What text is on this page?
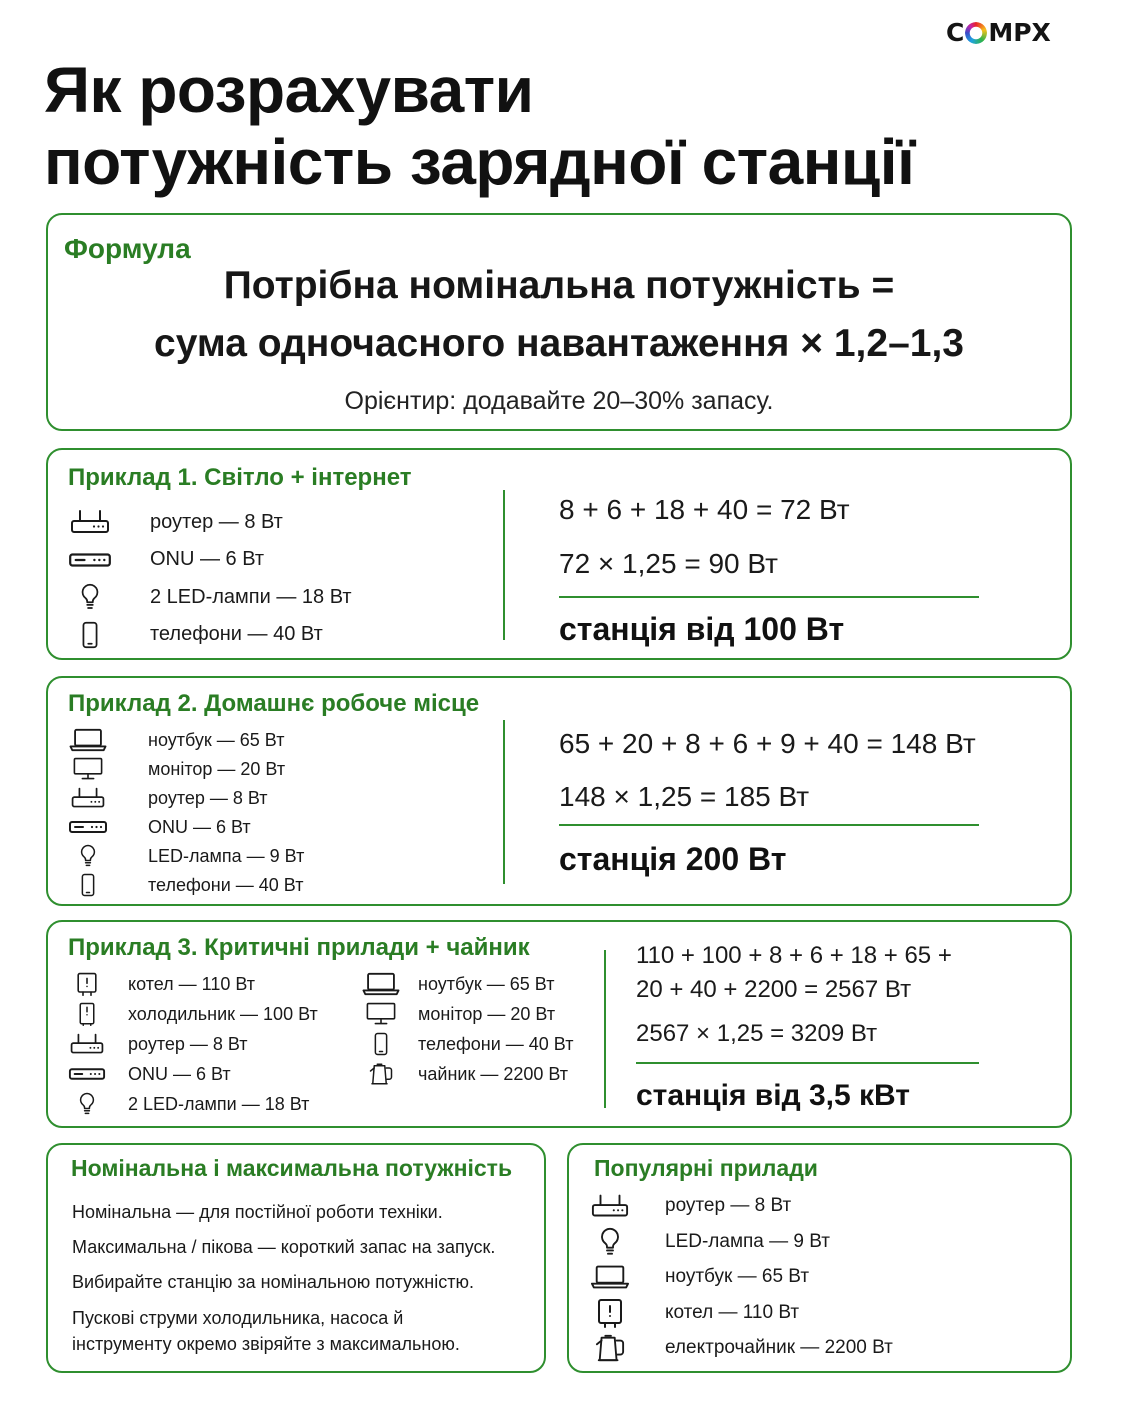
C MPX
Як розрахувати
потужність зарядної станції
Формула
Потрібна номінальна потужність =
сума одночасного навантаження × 1,2–1,3
Орієнтир: додавайте 20–30% запасу.
Приклад 1. Світло + інтернет
роутер — 8 Вт
ONU — 6 Вт
2 LED-лампи — 18 Вт
телефони — 40 Вт
8 + 6 + 18 + 40 = 72 Вт
72 × 1,25 = 90 Вт
станція від 100 Вт
Приклад 2. Домашнє робоче місце
ноутбук — 65 Вт
монітор — 20 Вт
роутер — 8 Вт
ONU — 6 Вт
LED-лампа — 9 Вт
телефони — 40 Вт
65 + 20 + 8 + 6 + 9 + 40 = 148 Вт
148 × 1,25 = 185 Вт
станція 200 Вт
Приклад 3. Критичні прилади + чайник
котел — 110 Вт
холодильник — 100 Вт
роутер — 8 Вт
ONU — 6 Вт
2 LED-лампи — 18 Вт
ноутбук — 65 Вт
монітор — 20 Вт
телефони — 40 Вт
чайник — 2200 Вт
110 + 100 + 8 + 6 + 18 + 65 +
20 + 40 + 2200 = 2567 Вт
2567 × 1,25 = 3209 Вт
станція від 3,5 кВт
Номінальна і максимальна потужність
Номінальна — для постійної роботи техніки.
Максимальна / пікова — короткий запас на запуск.
Вибирайте станцію за номінальною потужністю.
Пускові струми холодильника, насоса й
інструменту окремо звіряйте з максимальною.
Популярні прилади
роутер — 8 Вт
LED-лампа — 9 Вт
ноутбук — 65 Вт
котел — 110 Вт
електрочайник — 2200 Вт
